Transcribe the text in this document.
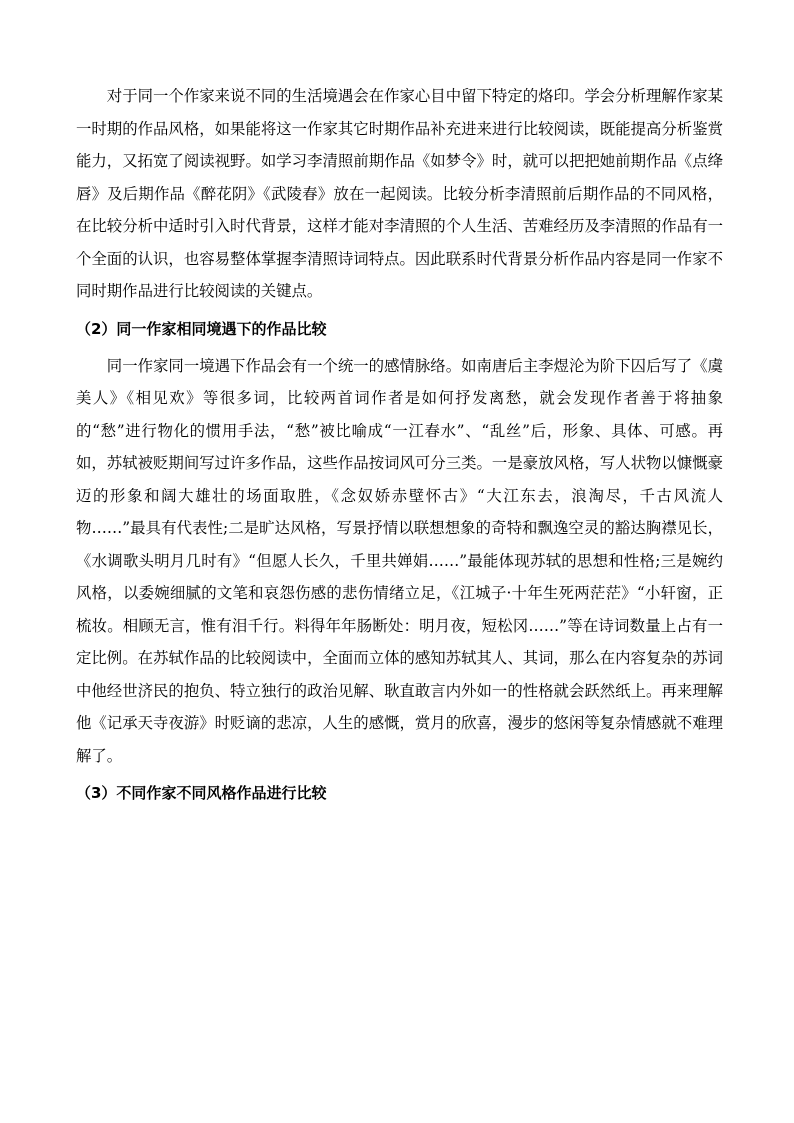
对于同一个作家来说不同的生活境遇会在作家心目中留下特定的烙印。学会分析理解作家某一时期的作品风格，如果能将这一作家其它时期作品补充进来进行比较阅读，既能提高分析鉴赏能力，又拓宽了阅读视野。如学习李清照前期作品《如梦令》时，就可以把把她前期作品《点绛唇》及后期作品《醉花阴》《武陵春》放在一起阅读。比较分析李清照前后期作品的不同风格，在比较分析中适时引入时代背景，这样才能对李清照的个人生活、苦难经历及李清照的作品有一个全面的认识，也容易整体掌握李清照诗词特点。因此联系时代背景分析作品内容是同一作家不同时期作品进行比较阅读的关键点。

（2）同一作家相同境遇下的作品比较

同一作家同一境遇下作品会有一个统一的感情脉络。如南唐后主李煜沦为阶下囚后写了《虞美人》《相见欢》等很多词，比较两首词作者是如何抒发离愁，就会发现作者善于将抽象的“愁”进行物化的惯用手法，“愁”被比喻成“一江春水”、“乱丝”后，形象、具体、可感。再如，苏轼被贬期间写过许多作品，这些作品按词风可分三类。一是豪放风格，写人状物以慷慨豪迈的形象和阔大雄壮的场面取胜，《念奴娇赤壁怀古》“大江东去，浪淘尽，千古风流人物……”最具有代表性;二是旷达风格，写景抒情以联想想象的奇特和飘逸空灵的豁达胸襟见长，《水调歌头明月几时有》“但愿人长久，千里共婵娟……”最能体现苏轼的思想和性格;三是婉约风格，以委婉细腻的文笔和哀怨伤感的悲伤情绪立足，《江城子·十年生死两茫茫》“小轩窗，正梳妆。相顾无言，惟有泪千行。料得年年肠断处：明月夜，短松冈……”等在诗词数量上占有一定比例。在苏轼作品的比较阅读中，全面而立体的感知苏轼其人、其词，那么在内容复杂的苏词中他经世济民的抱负、特立独行的政治见解、耿直敢言内外如一的性格就会跃然纸上。再来理解他《记承天寺夜游》时贬谪的悲凉，人生的感慨，赏月的欣喜，漫步的悠闲等复杂情感就不难理解了。

（3）不同作家不同风格作品进行比较
